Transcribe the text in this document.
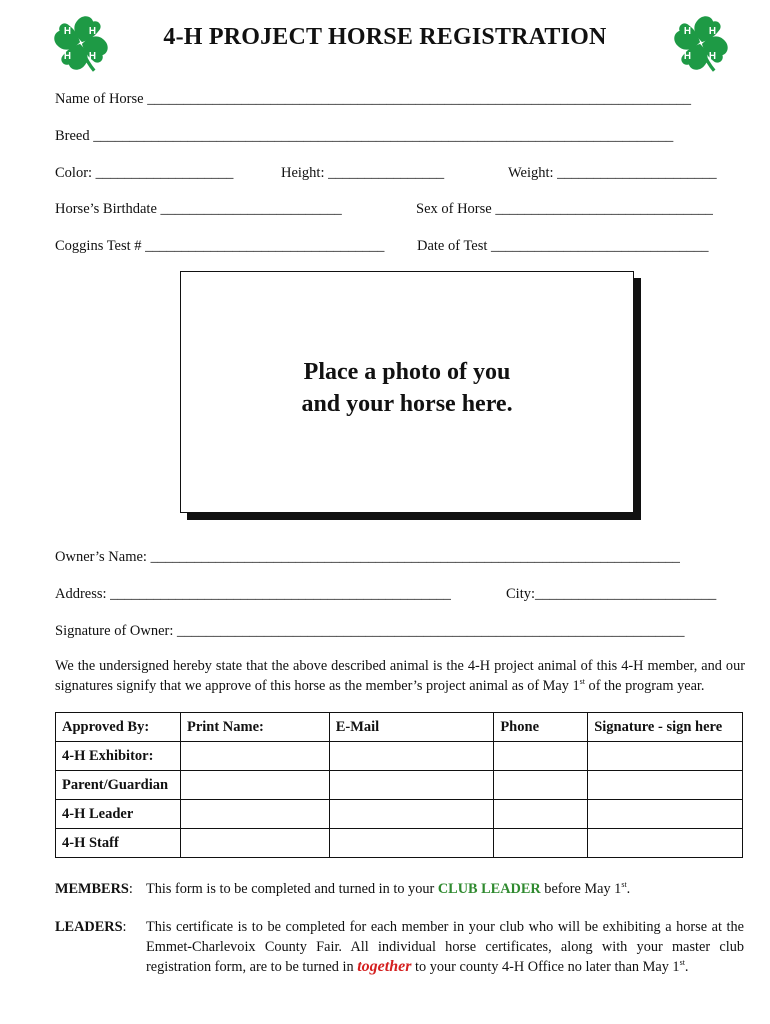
H H
H H
H H
H H
4-H PROJECT HORSE REGISTRATION
Name of Horse ___________________________________________________________________________
Breed ________________________________________________________________________________
Color: ___________________	Height: ________________	Weight: ______________________
Horse’s Birthdate _________________________	Sex of Horse ______________________________
Coggins Test # _________________________________ Date of Test ______________________________
Place a photo of you
and your horse here.
Owner’s Name: _________________________________________________________________________
Address: _______________________________________________	City:_________________________
Signature of Owner: ______________________________________________________________________
We the undersigned hereby state that the above described animal is the 4-H project animal of this 4-H member, and our signatures signify that we approve of this horse as the member’s project animal as of May 1st of the program year.
Approved By:	Print Name:	E-Mail	Phone	Signature - sign here
4-H Exhibitor:				
Parent/Guardian				
4-H Leader				
4-H Staff				
MEMBERS: This form is to be completed and turned in to your CLUB LEADER before May 1st.
LEADERS: This certificate is to be completed for each member in your club who will be exhibiting a horse at the Emmet-Charlevoix County Fair. All individual horse certificates, along with your master club registration form, are to be turned in together to your county 4-H Office no later than May 1st.
